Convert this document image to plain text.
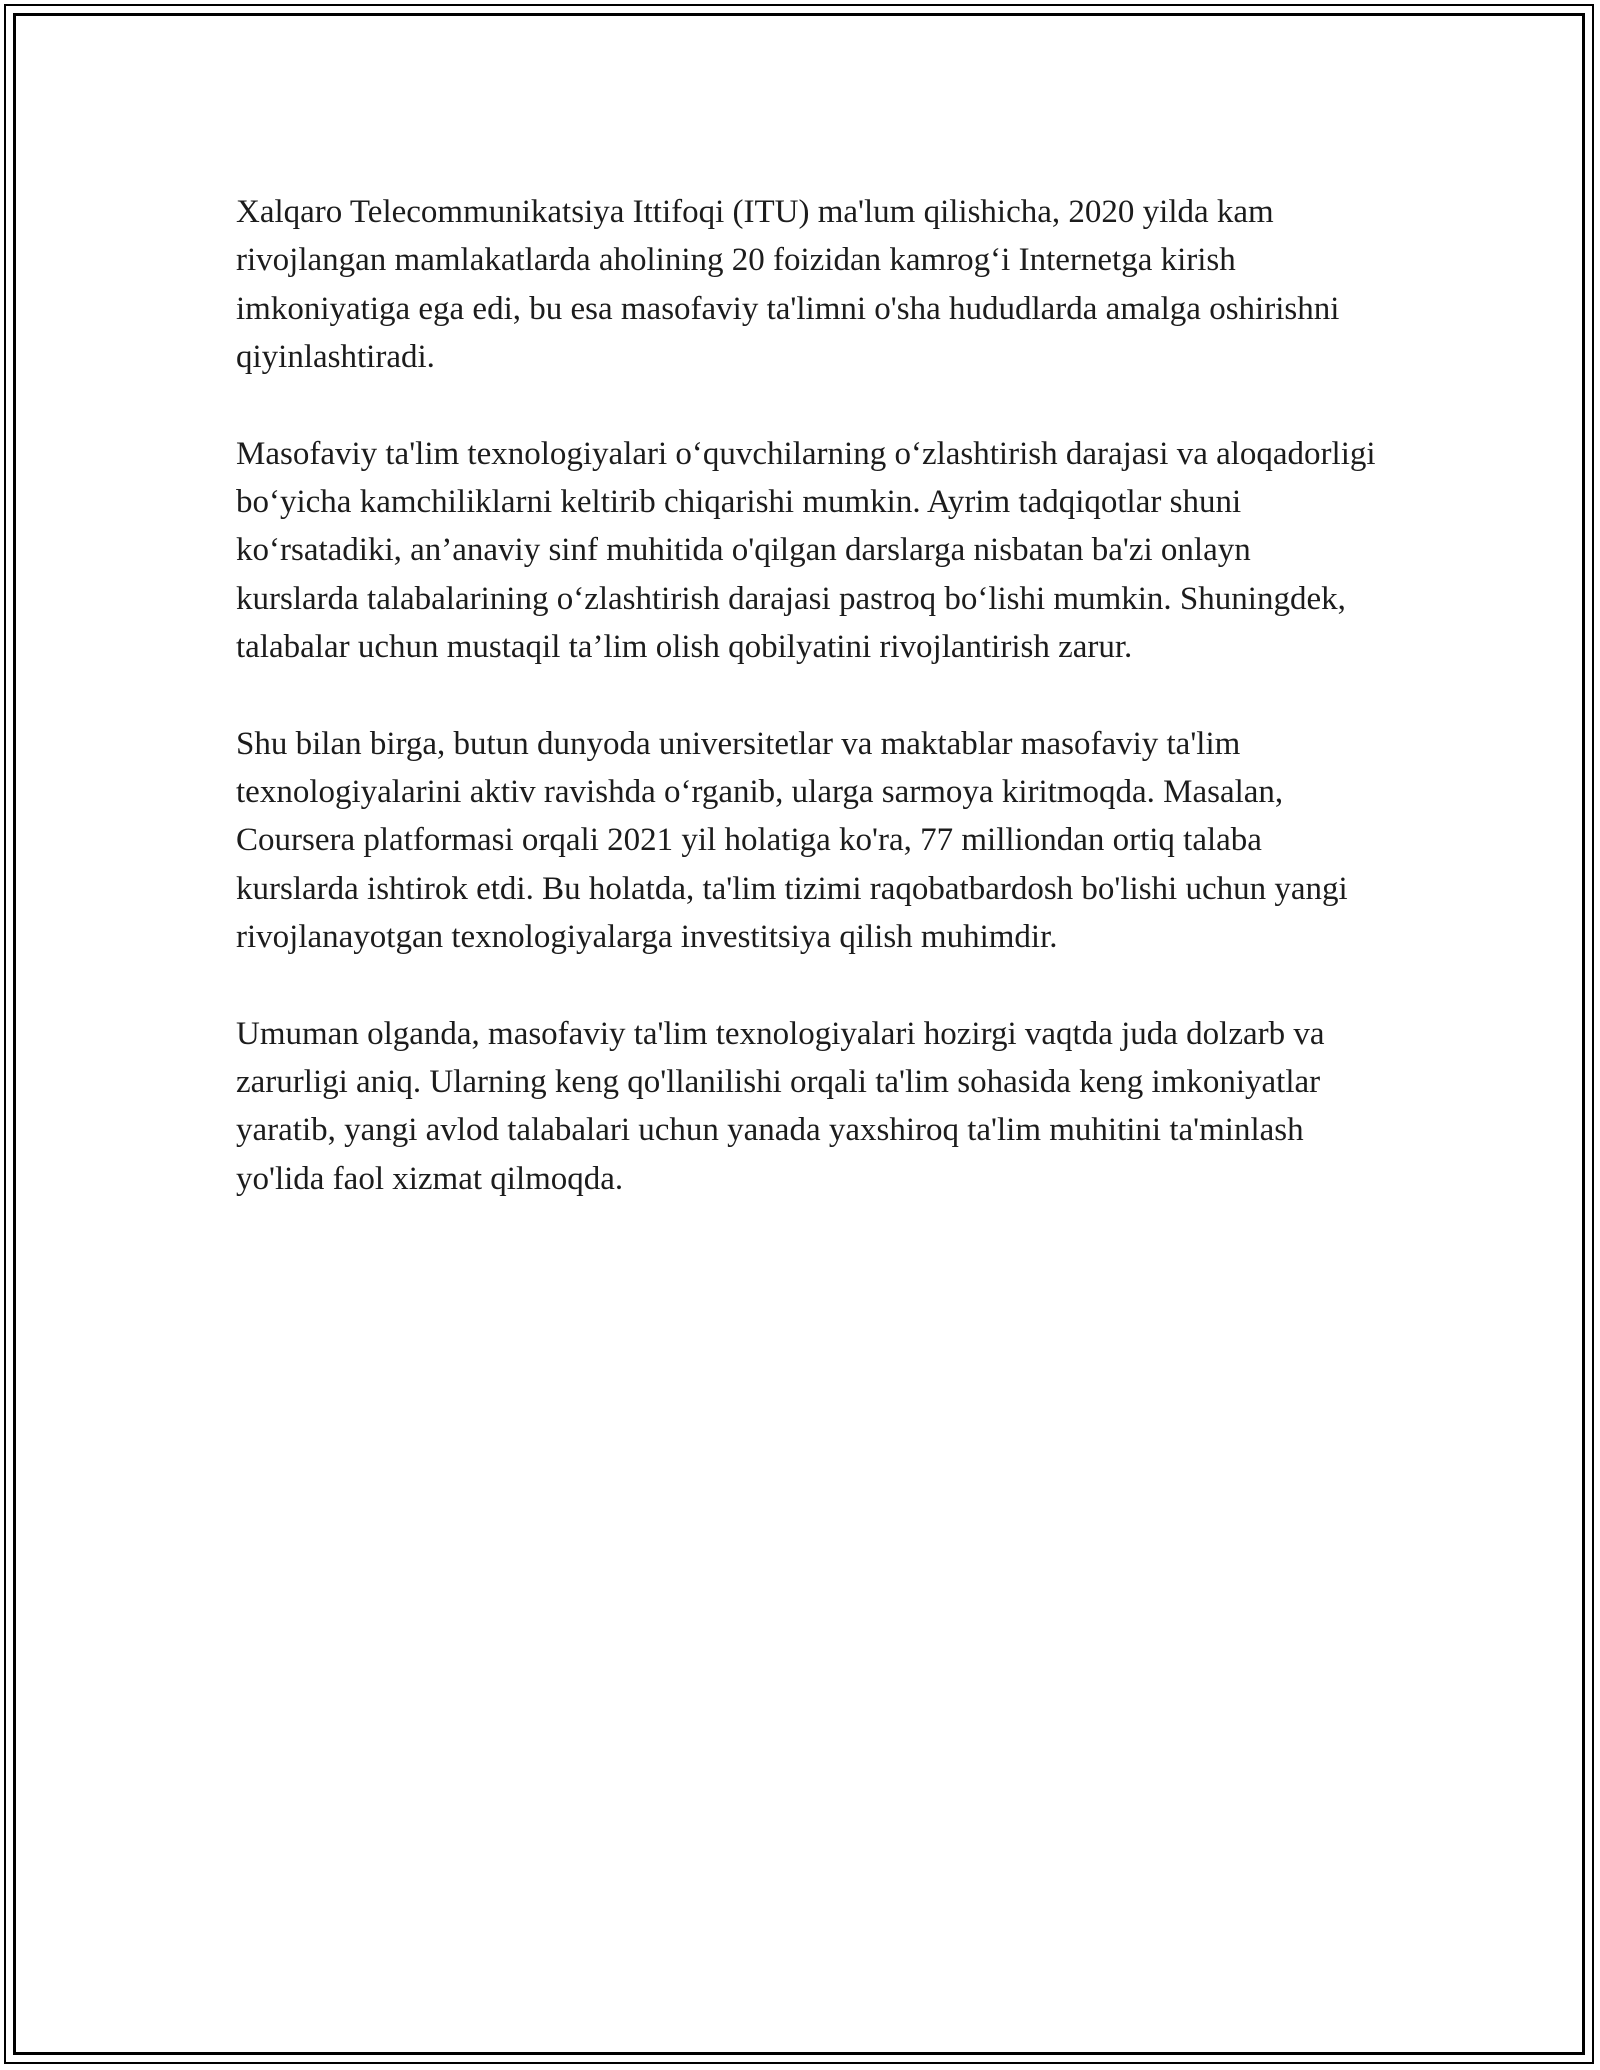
Xalqaro Telecommunikatsiya Ittifoqi (ITU) ma'lum qilishicha, 2020 yilda kam rivojlangan mamlakatlarda aholining 20 foizidan kamrog‘i Internetga kirish imkoniyatiga ega edi, bu esa masofaviy ta'limni o'sha hududlarda amalga oshirishni qiyinlashtiradi.

Masofaviy ta'lim texnologiyalari o‘quvchilarning o‘zlashtirish darajasi va aloqadorligi bo‘yicha kamchiliklarni keltirib chiqarishi mumkin. Ayrim tadqiqotlar shuni ko‘rsatadiki, an’anaviy sinf muhitida o'qilgan darslarga nisbatan ba'zi onlayn kurslarda talabalarining o‘zlashtirish darajasi pastroq bo‘lishi mumkin. Shuningdek, talabalar uchun mustaqil ta’lim olish qobilyatini rivojlantirish zarur.

Shu bilan birga, butun dunyoda universitetlar va maktablar masofaviy ta'lim texnologiyalarini aktiv ravishda o‘rganib, ularga sarmoya kiritmoqda. Masalan, Coursera platformasi orqali 2021 yil holatiga ko'ra, 77 milliondan ortiq talaba kurslarda ishtirok etdi. Bu holatda, ta'lim tizimi raqobatbardosh bo'lishi uchun yangi rivojlanayotgan texnologiyalarga investitsiya qilish muhimdir.

Umuman olganda, masofaviy ta'lim texnologiyalari hozirgi vaqtda juda dolzarb va zarurligi aniq. Ularning keng qo'llanilishi orqali ta'lim sohasida keng imkoniyatlar yaratib, yangi avlod talabalari uchun yanada yaxshiroq ta'lim muhitini ta'minlash yo'lida faol xizmat qilmoqda.
